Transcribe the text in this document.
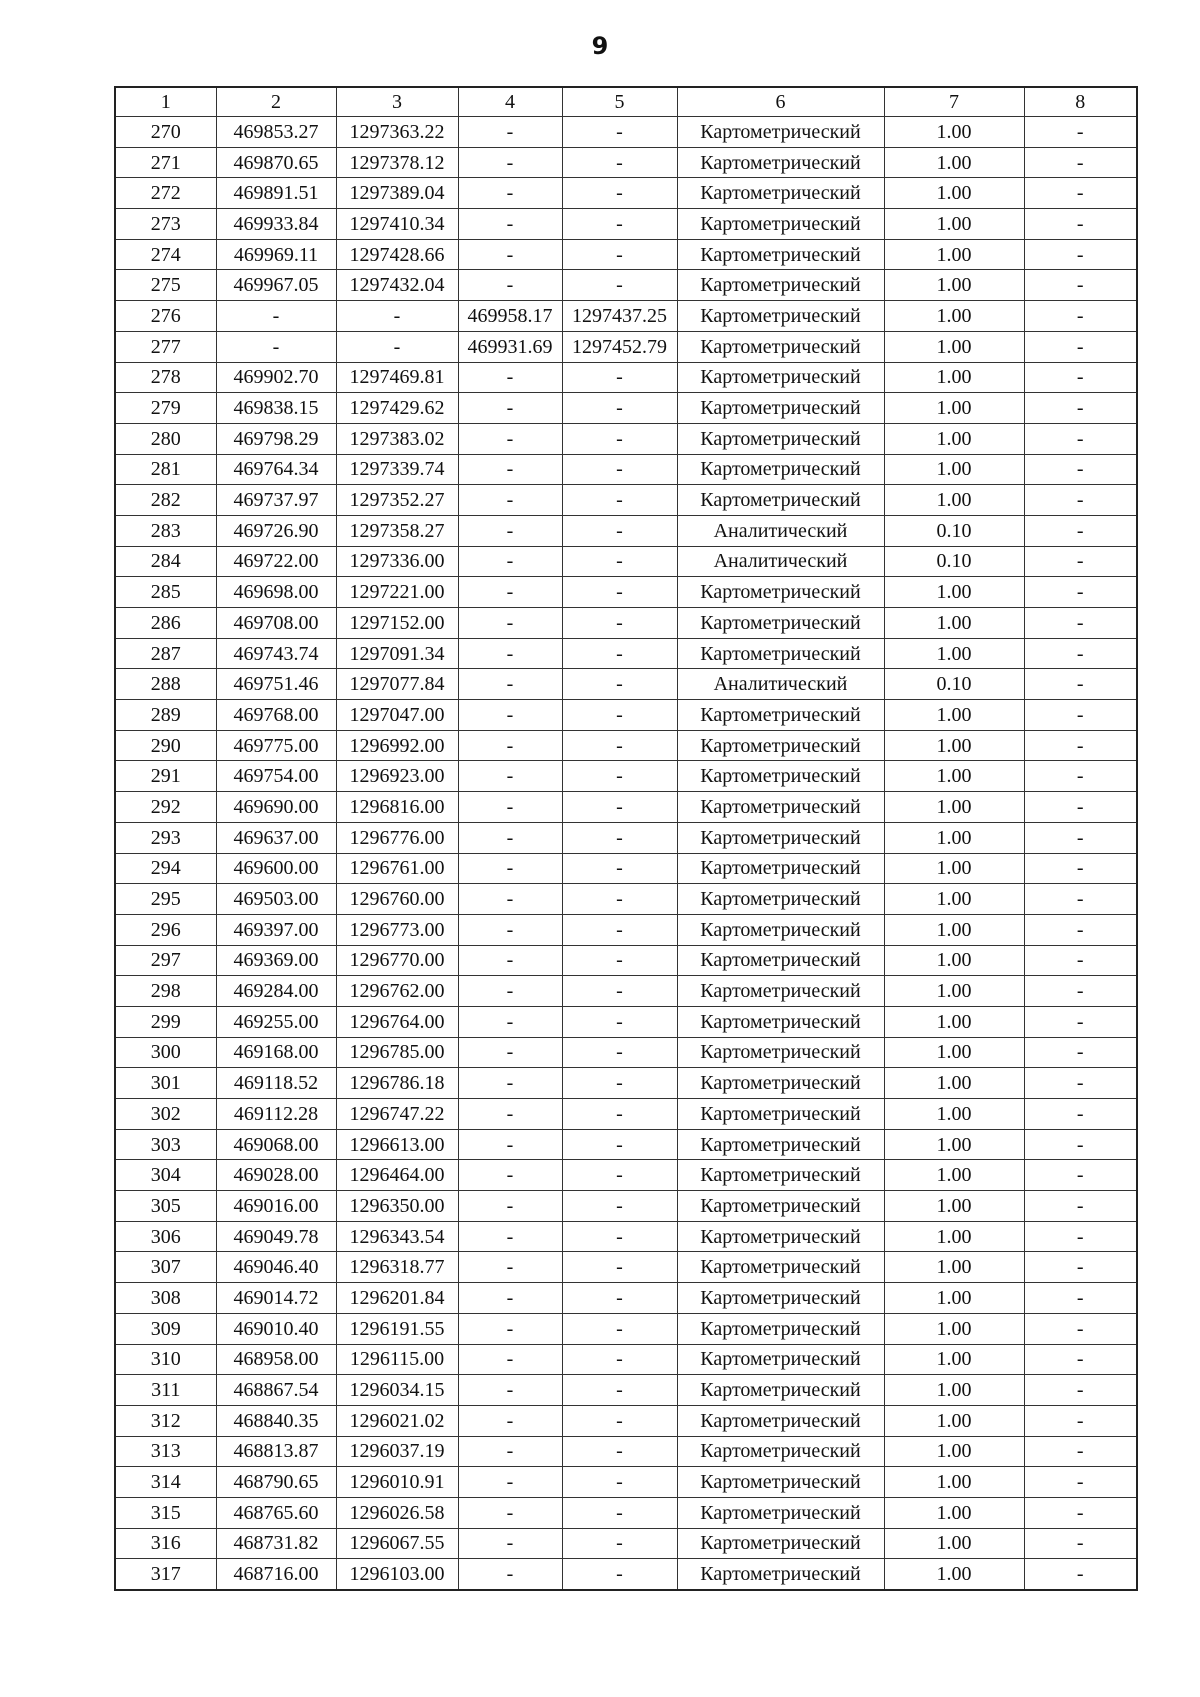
9
1	2	3	4	5	6	7	8
270	469853.27	1297363.22	-	-	Картометрический	1.00	-
271	469870.65	1297378.12	-	-	Картометрический	1.00	-
272	469891.51	1297389.04	-	-	Картометрический	1.00	-
273	469933.84	1297410.34	-	-	Картометрический	1.00	-
274	469969.11	1297428.66	-	-	Картометрический	1.00	-
275	469967.05	1297432.04	-	-	Картометрический	1.00	-
276	-	-	469958.17	1297437.25	Картометрический	1.00	-
277	-	-	469931.69	1297452.79	Картометрический	1.00	-
278	469902.70	1297469.81	-	-	Картометрический	1.00	-
279	469838.15	1297429.62	-	-	Картометрический	1.00	-
280	469798.29	1297383.02	-	-	Картометрический	1.00	-
281	469764.34	1297339.74	-	-	Картометрический	1.00	-
282	469737.97	1297352.27	-	-	Картометрический	1.00	-
283	469726.90	1297358.27	-	-	Аналитический	0.10	-
284	469722.00	1297336.00	-	-	Аналитический	0.10	-
285	469698.00	1297221.00	-	-	Картометрический	1.00	-
286	469708.00	1297152.00	-	-	Картометрический	1.00	-
287	469743.74	1297091.34	-	-	Картометрический	1.00	-
288	469751.46	1297077.84	-	-	Аналитический	0.10	-
289	469768.00	1297047.00	-	-	Картометрический	1.00	-
290	469775.00	1296992.00	-	-	Картометрический	1.00	-
291	469754.00	1296923.00	-	-	Картометрический	1.00	-
292	469690.00	1296816.00	-	-	Картометрический	1.00	-
293	469637.00	1296776.00	-	-	Картометрический	1.00	-
294	469600.00	1296761.00	-	-	Картометрический	1.00	-
295	469503.00	1296760.00	-	-	Картометрический	1.00	-
296	469397.00	1296773.00	-	-	Картометрический	1.00	-
297	469369.00	1296770.00	-	-	Картометрический	1.00	-
298	469284.00	1296762.00	-	-	Картометрический	1.00	-
299	469255.00	1296764.00	-	-	Картометрический	1.00	-
300	469168.00	1296785.00	-	-	Картометрический	1.00	-
301	469118.52	1296786.18	-	-	Картометрический	1.00	-
302	469112.28	1296747.22	-	-	Картометрический	1.00	-
303	469068.00	1296613.00	-	-	Картометрический	1.00	-
304	469028.00	1296464.00	-	-	Картометрический	1.00	-
305	469016.00	1296350.00	-	-	Картометрический	1.00	-
306	469049.78	1296343.54	-	-	Картометрический	1.00	-
307	469046.40	1296318.77	-	-	Картометрический	1.00	-
308	469014.72	1296201.84	-	-	Картометрический	1.00	-
309	469010.40	1296191.55	-	-	Картометрический	1.00	-
310	468958.00	1296115.00	-	-	Картометрический	1.00	-
311	468867.54	1296034.15	-	-	Картометрический	1.00	-
312	468840.35	1296021.02	-	-	Картометрический	1.00	-
313	468813.87	1296037.19	-	-	Картометрический	1.00	-
314	468790.65	1296010.91	-	-	Картометрический	1.00	-
315	468765.60	1296026.58	-	-	Картометрический	1.00	-
316	468731.82	1296067.55	-	-	Картометрический	1.00	-
317	468716.00	1296103.00	-	-	Картометрический	1.00	-
